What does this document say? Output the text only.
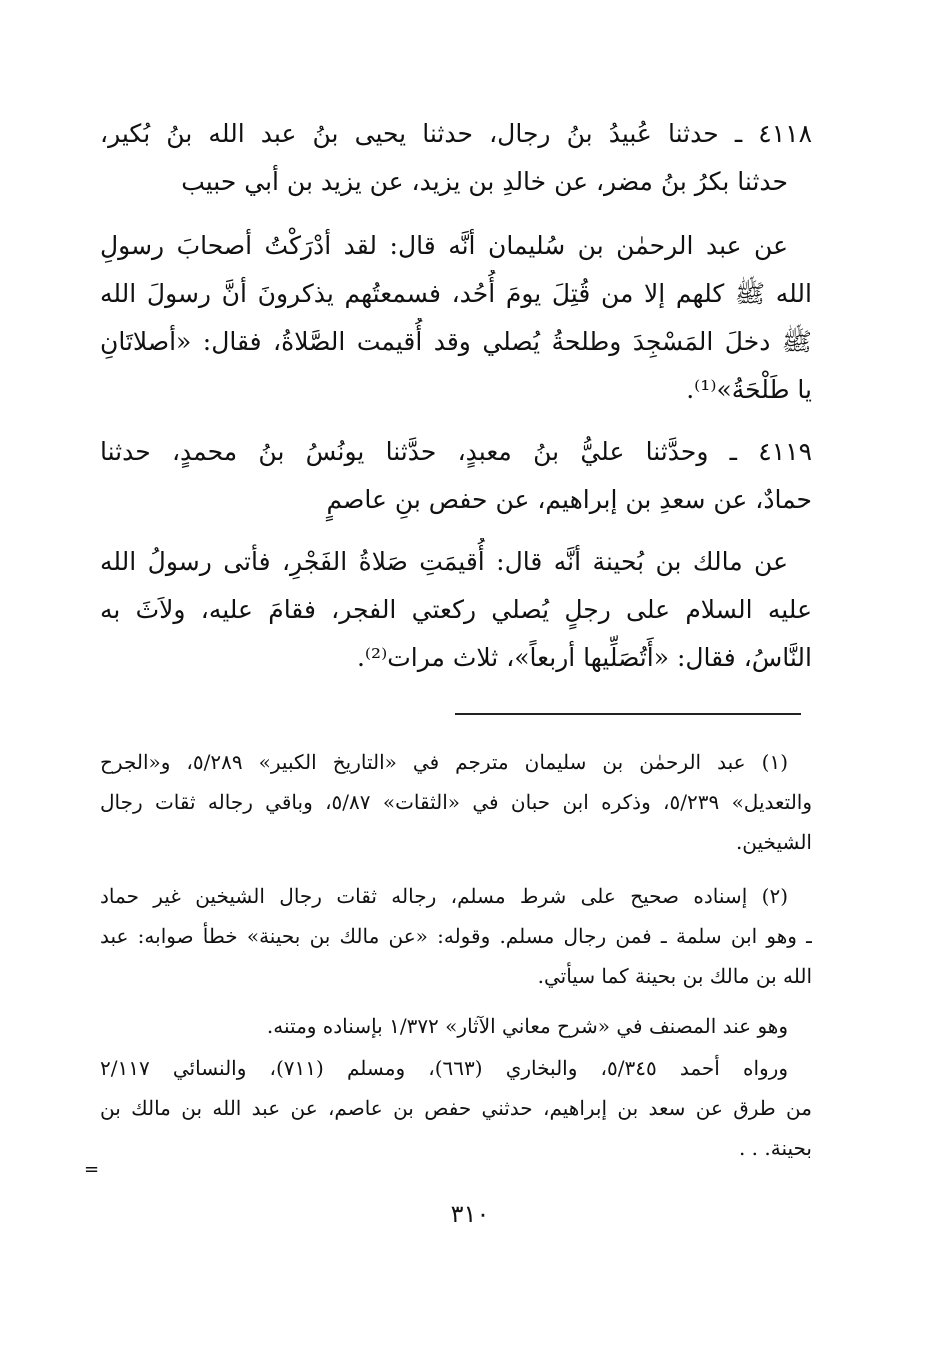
٤١١٨ ـ حدثنا عُبيدُ بنُ رجال، حدثنا يحيى بنُ عبد الله بنُ بُكير،
حدثنا بكرُ بنُ مضر، عن خالدِ بن يزيد، عن يزيد بن أبي حبيب
عن عبد الرحمٰن بن سُليمان أنَّه قال: لقد أدْرَكْتُ أصحابَ رسولِ
الله ﷺ كلهم إلا من قُتِلَ يومَ أُحُد، فسمعتُهم يذكرونَ أنَّ رسولَ الله
ﷺ دخلَ المَسْجِدَ وطلحةُ يُصلي وقد أُقيمت الصَّلاةُ، فقال: «أصلاتَانِ
يا طَلْحَةُ»⁽¹⁾.
٤١١٩ ـ وحدَّثنا عليُّ بنُ معبدٍ، حدَّثنا يونُسُ بنُ محمدٍ، حدثنا
حمادٌ، عن سعدِ بن إبراهيم، عن حفص بنِ عاصمٍ
عن مالك بن بُحينة أنَّه قال: أُقيمَتِ صَلاةُ الفَجْرِ، فأتى رسولُ الله
عليه السلام على رجلٍ يُصلي ركعتي الفجر، فقامَ عليه، ولاَثَ به
النَّاسُ، فقال: «أَتُصَلِّيها أربعاً»، ثلاث مرات⁽²⁾.
(١) عبد الرحمٰن بن سليمان مترجم في «التاريخ الكبير» ٥/٢٨٩، و«الجرح
والتعديل» ٥/٢٣٩، وذكره ابن حبان في «الثقات» ٥/٨٧، وباقي رجاله ثقات رجال
الشيخين.
(٢) إسناده صحيح على شرط مسلم، رجاله ثقات رجال الشيخين غير حماد
ـ وهو ابن سلمة ـ فمن رجال مسلم. وقوله: «عن مالك بن بحينة» خطأ صوابه: عبد
الله بن مالك بن بحينة كما سيأتي.
وهو عند المصنف في «شرح معاني الآثار» ١/٣٧٢ بإسناده ومتنه.
ورواه أحمد ٥/٣٤٥، والبخاري (٦٦٣)، ومسلم (٧١١)، والنسائي ٢/١١٧
من طرق عن سعد بن إبراهيم، حدثني حفص بن عاصم، عن عبد الله بن مالك بن
بحينة. . .
=
٣١٠
